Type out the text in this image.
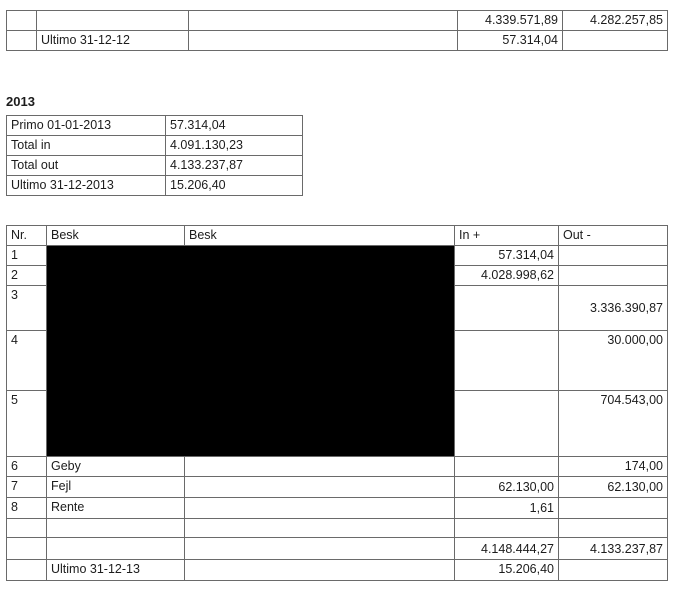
			4.339.571,89	4.282.257,85
	Ultimo 31-12-12		57.314,04	
2013
Primo 01-01-2013	57.314,04
Total in	4.091.130,23
Total out	4.133.237,87
Ultimo 31-12-2013	15.206,40
Nr.	Besk	Besk	In +	Out -
1			57.314,04	
2			4.028.998,62	
3				3.336.390,87
4				30.000,00
5				704.543,00
6	Geby			174,00
7	Fejl		62.130,00	62.130,00
8	Rente		1,61	

			4.148.444,27	4.133.237,87
	Ultimo 31-12-13		15.206,40	
